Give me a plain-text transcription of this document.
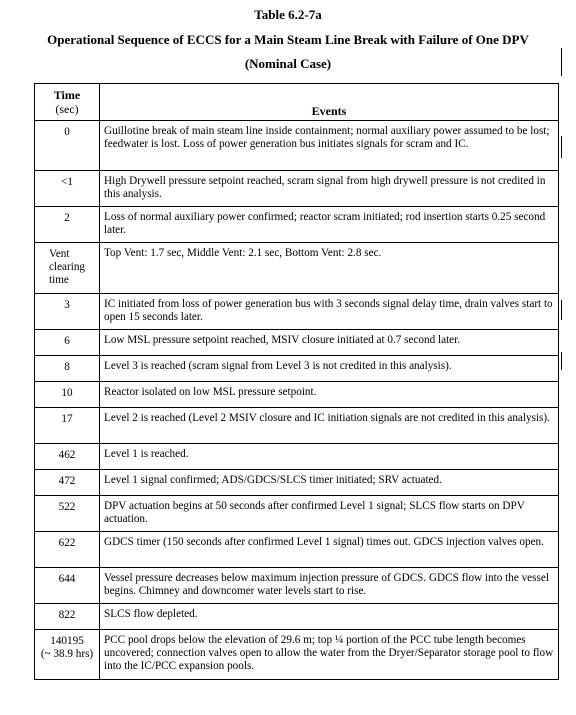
Table 6.2-7a
Operational Sequence of ECCS for a Main Steam Line Break with Failure of One DPV
(Nominal Case)
Time
(sec)	Events
0	Guillotine break of main steam line inside containment; normal auxiliary power assumed to be lost; feedwater is lost. Loss of power generation bus initiates signals for scram and IC.
<1	High Drywell pressure setpoint reached, scram signal from high drywell pressure is not credited in this analysis.
2	Loss of normal auxiliary power confirmed; reactor scram initiated; rod insertion starts 0.25 second later.
Vent clearing time	Top Vent: 1.7 sec, Middle Vent: 2.1 sec, Bottom Vent: 2.8 sec.
3	IC initiated from loss of power generation bus with 3 seconds signal delay time, drain valves start to open 15 seconds later.
6	Low MSL pressure setpoint reached, MSIV closure initiated at 0.7 second later.
8	Level 3 is reached (scram signal from Level 3 is not credited in this analysis).
10	Reactor isolated on low MSL pressure setpoint.
17	Level 2 is reached (Level 2 MSIV closure and IC initiation signals are not credited in this analysis).
462	Level 1 is reached.
472	Level 1 signal confirmed; ADS/GDCS/SLCS timer initiated; SRV actuated.
522	DPV actuation begins at 50 seconds after confirmed Level 1 signal; SLCS flow starts on DPV actuation.
622	GDCS timer (150 seconds after confirmed Level 1 signal) times out. GDCS injection valves open.
644	Vessel pressure decreases below maximum injection pressure of GDCS. GDCS flow into the vessel begins. Chimney and downcomer water levels start to rise.
822	SLCS flow depleted.
140195
(~ 38.9 hrs)	PCC pool drops below the elevation of 29.6 m; top ¼ portion of the PCC tube length becomes uncovered; connection valves open to allow the water from the Dryer/Separator storage pool to flow into the IC/PCC expansion pools.
